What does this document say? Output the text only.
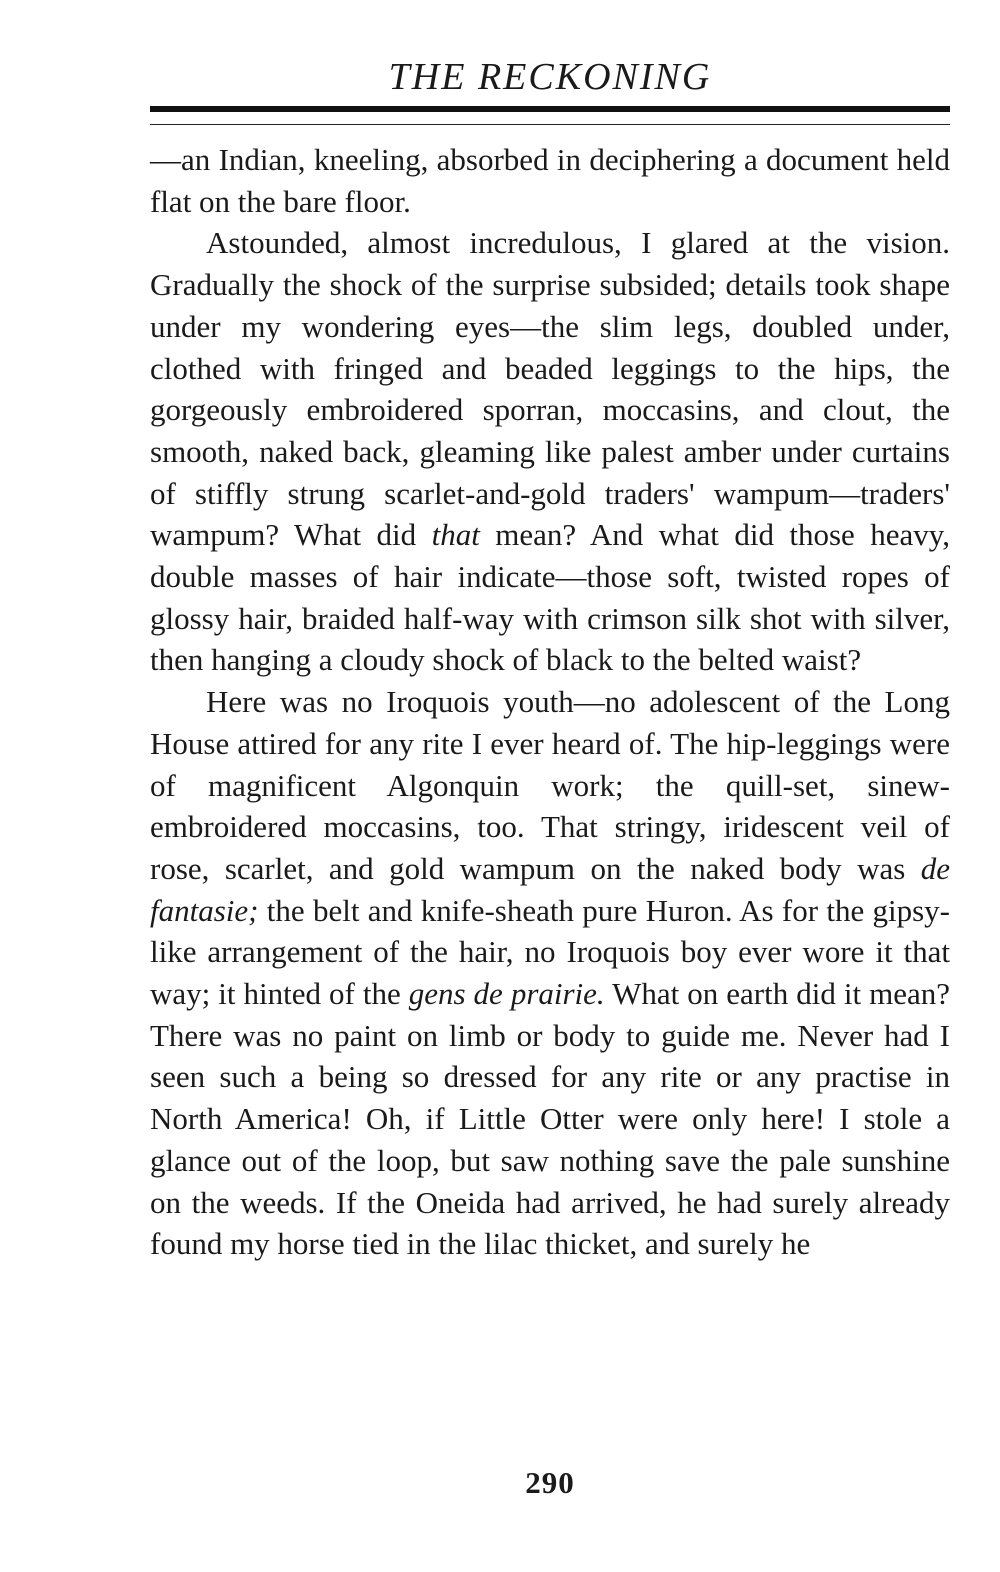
THE RECKONING

—an Indian, kneeling, absorbed in deciphering a document held flat on the bare floor.

Astounded, almost incredulous, I glared at the vision. Gradually the shock of the surprise subsided; details took shape under my wondering eyes—the slim legs, doubled under, clothed with fringed and beaded leggings to the hips, the gorgeously embroidered sporran, moccasins, and clout, the smooth, naked back, gleaming like palest amber under curtains of stiffly strung scarlet-and-gold traders' wampum—traders' wampum? What did that mean? And what did those heavy, double masses of hair indicate—those soft, twisted ropes of glossy hair, braided half-way with crimson silk shot with silver, then hanging a cloudy shock of black to the belted waist?

Here was no Iroquois youth—no adolescent of the Long House attired for any rite I ever heard of. The hip-leggings were of magnificent Algonquin work; the quill-set, sinew-embroidered moccasins, too. That stringy, iridescent veil of rose, scarlet, and gold wampum on the naked body was de fantasie; the belt and knife-sheath pure Huron. As for the gipsy-like arrangement of the hair, no Iroquois boy ever wore it that way; it hinted of the gens de prairie. What on earth did it mean? There was no paint on limb or body to guide me. Never had I seen such a being so dressed for any rite or any practise in North America! Oh, if Little Otter were only here! I stole a glance out of the loop, but saw nothing save the pale sunshine on the weeds. If the Oneida had arrived, he had surely already found my horse tied in the lilac thicket, and surely he

290
